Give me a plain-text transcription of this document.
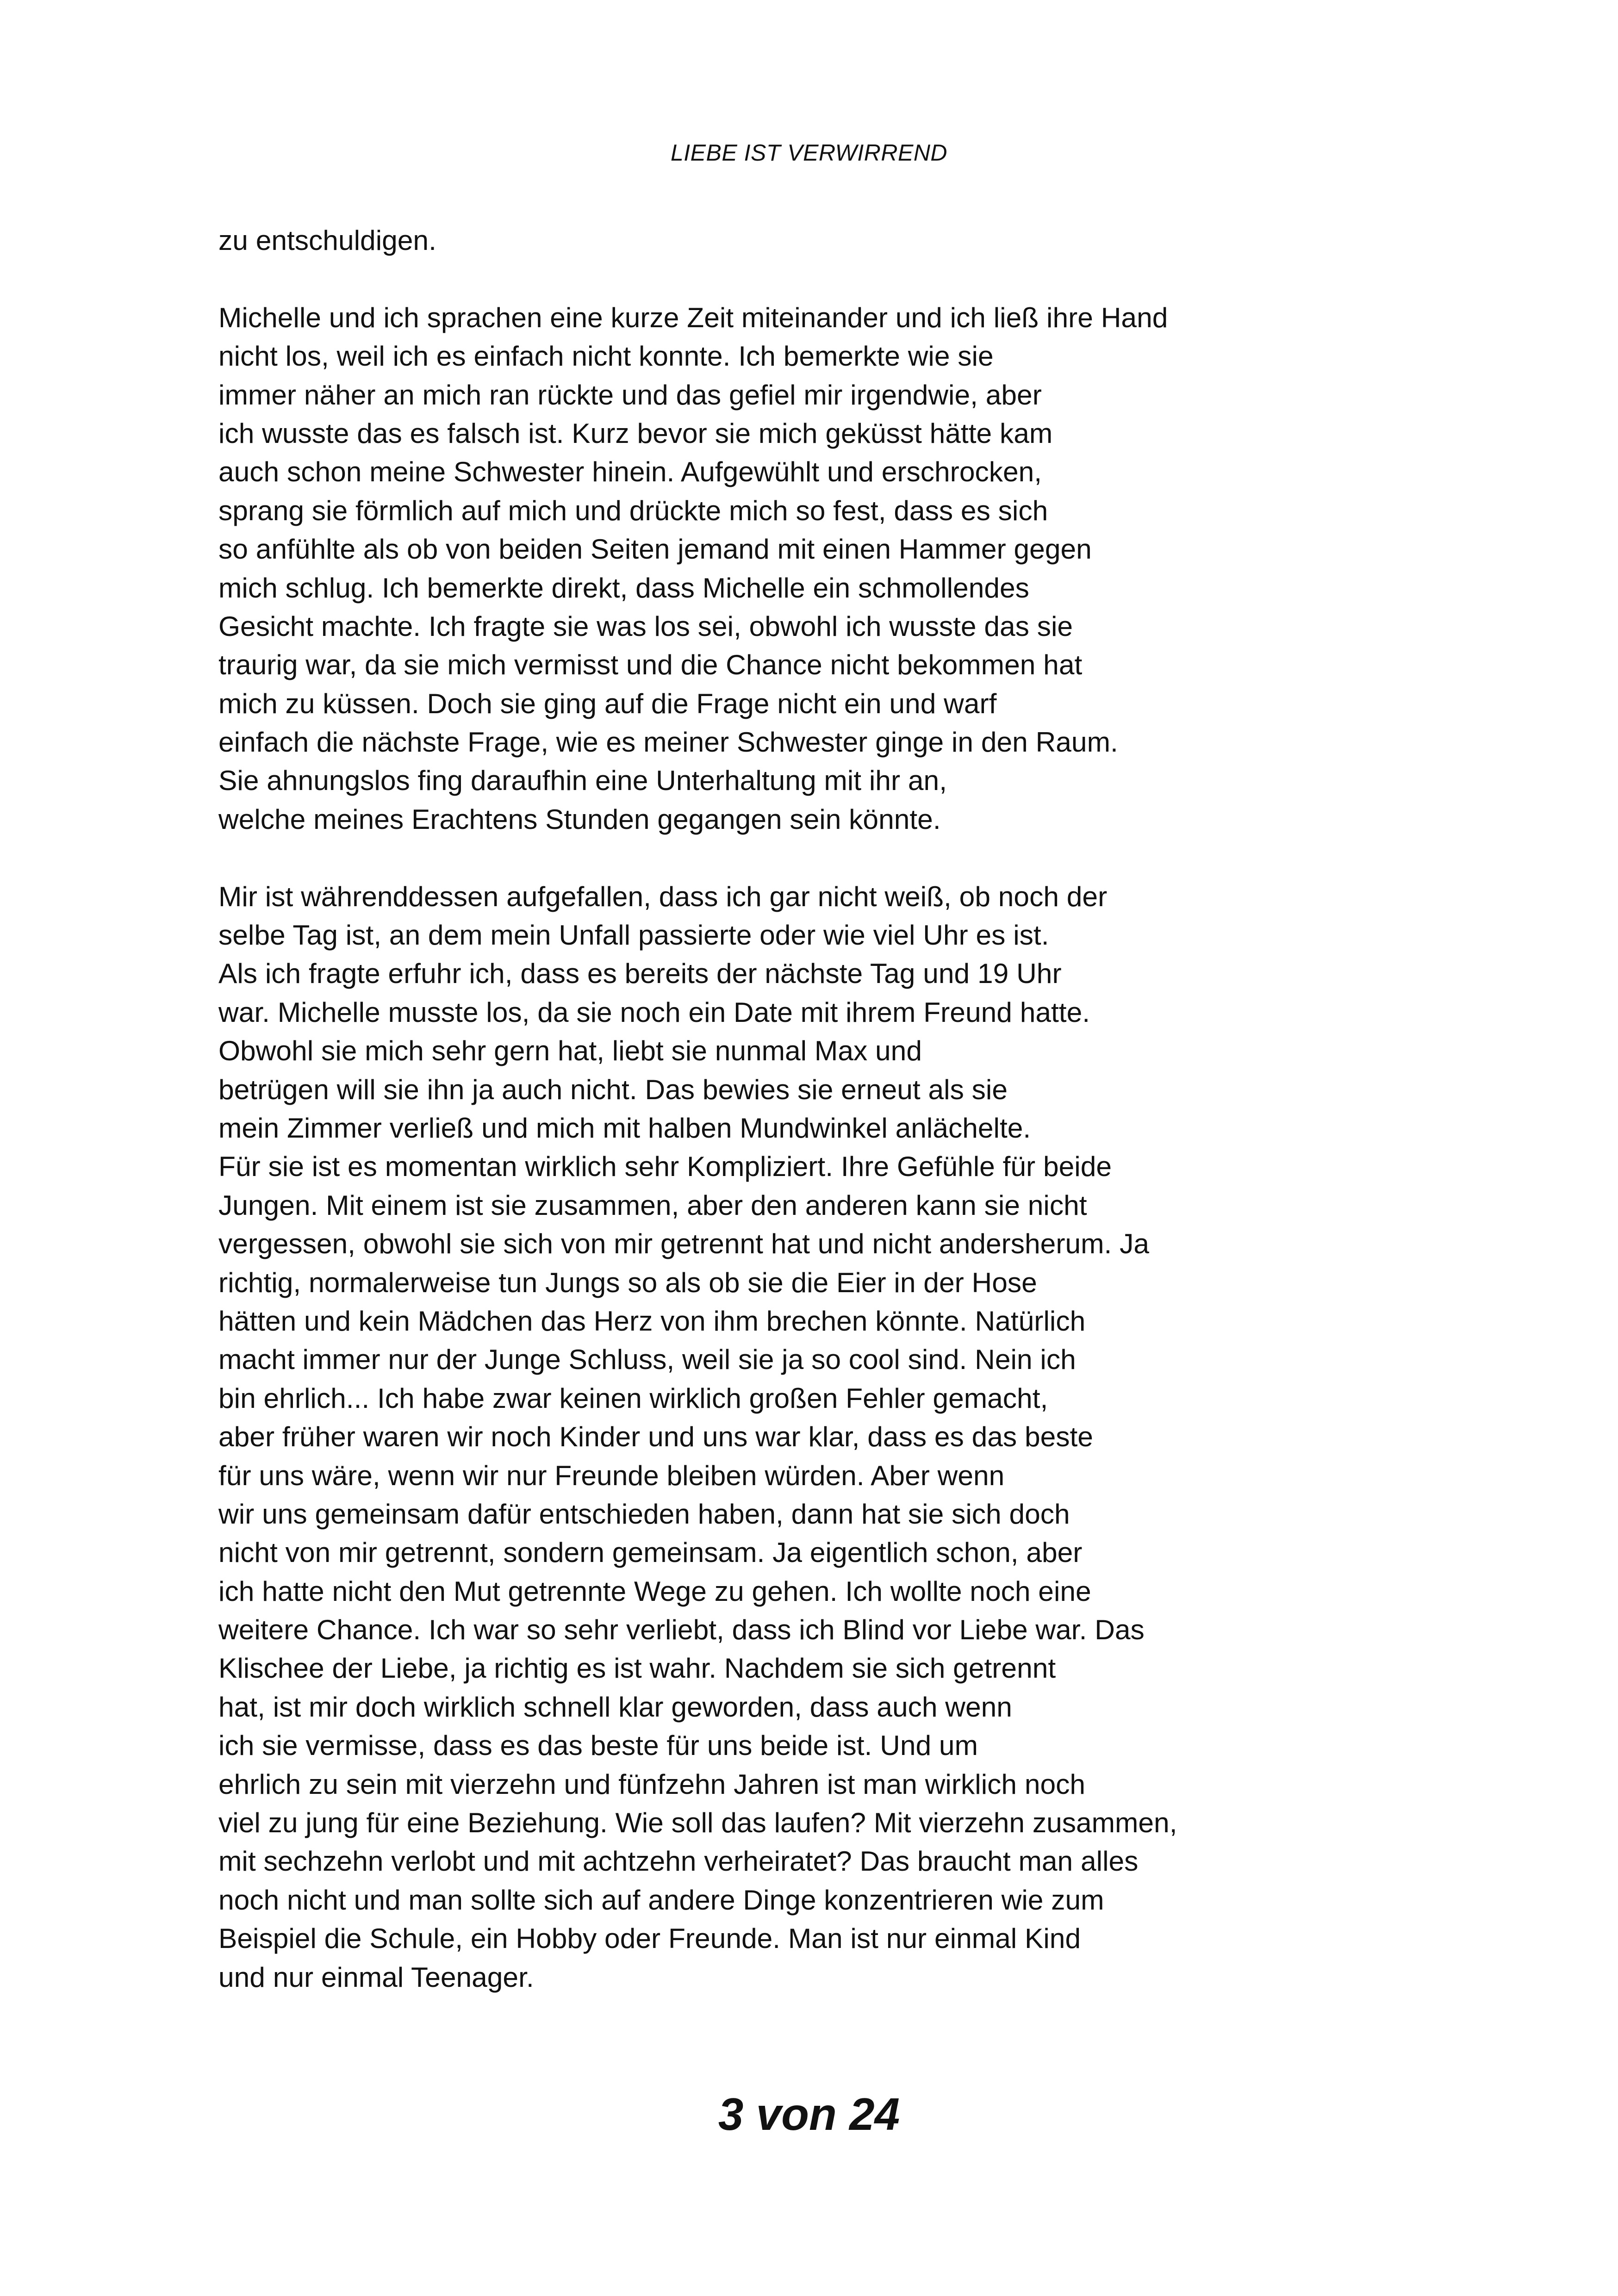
LIEBE IST VERWIRREND
zu entschuldigen.
Michelle und ich sprachen eine kurze Zeit miteinander und ich ließ ihre Hand
nicht los, weil ich es einfach nicht konnte. Ich bemerkte wie sie
immer näher an mich ran rückte und das gefiel mir irgendwie, aber
ich wusste das es falsch ist. Kurz bevor sie mich geküsst hätte kam
auch schon meine Schwester hinein. Aufgewühlt und erschrocken,
sprang sie förmlich auf mich und drückte mich so fest, dass es sich
so anfühlte als ob von beiden Seiten jemand mit einen Hammer gegen
mich schlug. Ich bemerkte direkt, dass Michelle ein schmollendes
Gesicht machte. Ich fragte sie was los sei, obwohl ich wusste das sie
traurig war, da sie mich vermisst und die Chance nicht bekommen hat
mich zu küssen. Doch sie ging auf die Frage nicht ein und warf
einfach die nächste Frage, wie es meiner Schwester ginge in den Raum.
Sie ahnungslos fing daraufhin eine Unterhaltung mit ihr an,
welche meines Erachtens Stunden gegangen sein könnte.
Mir ist währenddessen aufgefallen, dass ich gar nicht weiß, ob noch der
selbe Tag ist, an dem mein Unfall passierte oder wie viel Uhr es ist.
Als ich fragte erfuhr ich, dass es bereits der nächste Tag und 19 Uhr
war. Michelle musste los, da sie noch ein Date mit ihrem Freund hatte.
Obwohl sie mich sehr gern hat, liebt sie nunmal Max und
betrügen will sie ihn ja auch nicht. Das bewies sie erneut als sie
mein Zimmer verließ und mich mit halben Mundwinkel anlächelte.
Für sie ist es momentan wirklich sehr Kompliziert. Ihre Gefühle für beide
Jungen. Mit einem ist sie zusammen, aber den anderen kann sie nicht
vergessen, obwohl sie sich von mir getrennt hat und nicht andersherum. Ja
richtig, normalerweise tun Jungs so als ob sie die Eier in der Hose
hätten und kein Mädchen das Herz von ihm brechen könnte. Natürlich
macht immer nur der Junge Schluss, weil sie ja so cool sind. Nein ich
bin ehrlich... Ich habe zwar keinen wirklich großen Fehler gemacht,
aber früher waren wir noch Kinder und uns war klar, dass es das beste
für uns wäre, wenn wir nur Freunde bleiben würden. Aber wenn
wir uns gemeinsam dafür entschieden haben, dann hat sie sich doch
nicht von mir getrennt, sondern gemeinsam. Ja eigentlich schon, aber
ich hatte nicht den Mut getrennte Wege zu gehen. Ich wollte noch eine
weitere Chance. Ich war so sehr verliebt, dass ich Blind vor Liebe war. Das
Klischee der Liebe, ja richtig es ist wahr. Nachdem sie sich getrennt
hat, ist mir doch wirklich schnell klar geworden, dass auch wenn
ich sie vermisse, dass es das beste für uns beide ist. Und um
ehrlich zu sein mit vierzehn und fünfzehn Jahren ist man wirklich noch
viel zu jung für eine Beziehung. Wie soll das laufen? Mit vierzehn zusammen,
mit sechzehn verlobt und mit achtzehn verheiratet? Das braucht man alles
noch nicht und man sollte sich auf andere Dinge konzentrieren wie zum
Beispiel die Schule, ein Hobby oder Freunde. Man ist nur einmal Kind
und nur einmal Teenager.
3 von 24
